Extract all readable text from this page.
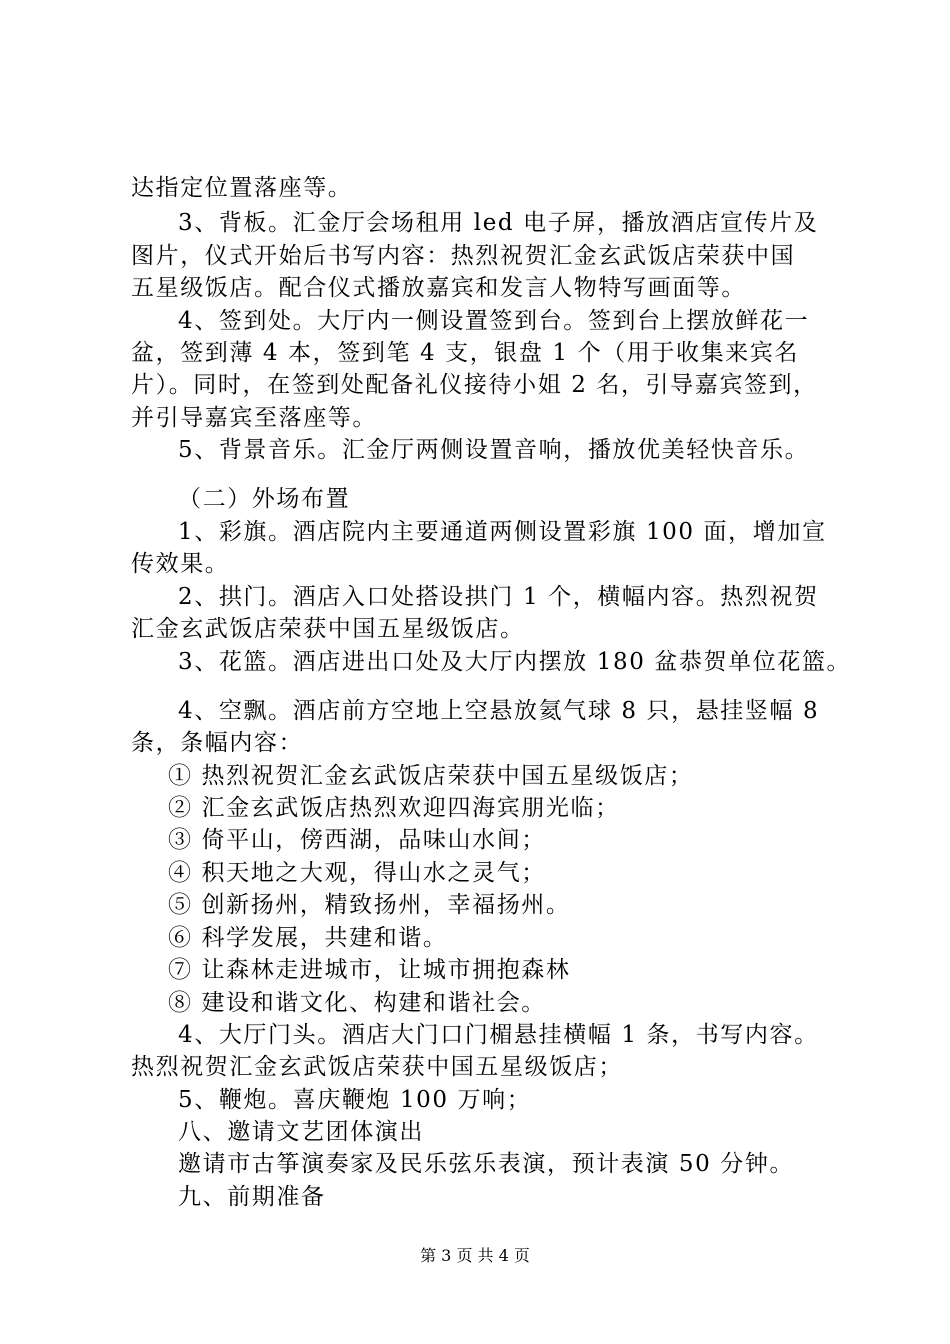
达指定位置落座等。
3、背板。汇金厅会场租用 led 电子屏，播放酒店宣传片及
图片，仪式开始后书写内容：热烈祝贺汇金玄武饭店荣获中国
五星级饭店。配合仪式播放嘉宾和发言人物特写画面等。
4、签到处。大厅内一侧设置签到台。签到台上摆放鲜花一
盆，签到薄 4 本，签到笔 4 支，银盘 1 个（用于收集来宾名
片）。同时，在签到处配备礼仪接待小姐 2 名，引导嘉宾签到，
并引导嘉宾至落座等。
5、背景音乐。汇金厅两侧设置音响，播放优美轻快音乐。
（二）外场布置
1、彩旗。酒店院内主要通道两侧设置彩旗 100 面，增加宣
传效果。
2、拱门。酒店入口处搭设拱门 1 个，横幅内容。热烈祝贺
汇金玄武饭店荣获中国五星级饭店。
3、花篮。酒店进出口处及大厅内摆放 180 盆恭贺单位花篮。
4、空飘。酒店前方空地上空悬放氦气球 8 只，悬挂竖幅 8
条，条幅内容：
① 热烈祝贺汇金玄武饭店荣获中国五星级饭店；
② 汇金玄武饭店热烈欢迎四海宾朋光临；
③ 倚平山，傍西湖，品味山水间；
④ 积天地之大观，得山水之灵气；
⑤ 创新扬州，精致扬州，幸福扬州。
⑥ 科学发展，共建和谐。
⑦ 让森林走进城市，让城市拥抱森林
⑧ 建设和谐文化、构建和谐社会。
4、大厅门头。酒店大门口门楣悬挂横幅 1 条，书写内容。
热烈祝贺汇金玄武饭店荣获中国五星级饭店；
5、鞭炮。喜庆鞭炮 100 万响；
八、邀请文艺团体演出
邀请市古筝演奏家及民乐弦乐表演，预计表演 50 分钟。
九、前期准备
第 3 页 共 4 页
